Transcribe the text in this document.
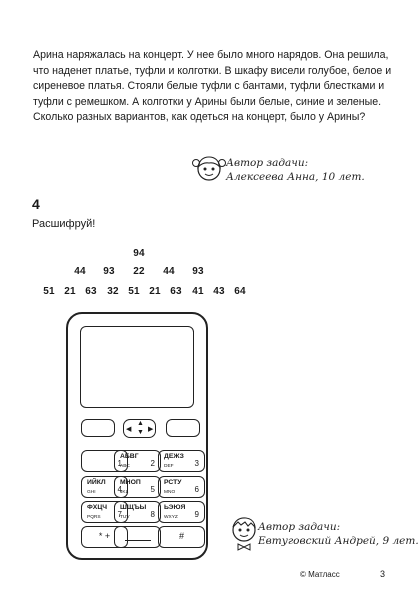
Арина наряжалась на концерт. У нее было много нарядов. Она решила, что наденет платье, туфли и колготки. В шкафу висели голубое, белое и сиреневое платья. Стояли белые туфли с бантами, туфли блестками и туфли с ремешком. А колготки у Арины были белые, синие и зеленые. Сколько разных вариантов, как одеться на концерт, было у Арины?

Автор задачи:
Алексеева Анна, 10 лет.
4
Расшифруй!
94
44 93 22 44 93
51 21 63 32 51 21 63 41 43 64
◀
▲
▼ ▶
1
АБВГ
ABC	2
ДЕЖЗ
DEF	3
ИЙКЛ
GHI	4
МНОП
JKL	5
РСТУ
MNO 6
ФХЦЧ
PQRS 7
ШЩЪЫ
TUV	8
ЬЭЮЯ
WXYZ 9
* +	#
Автор задачи:
Евтуговский Андрей, 9 лет.
© Матласс	3
